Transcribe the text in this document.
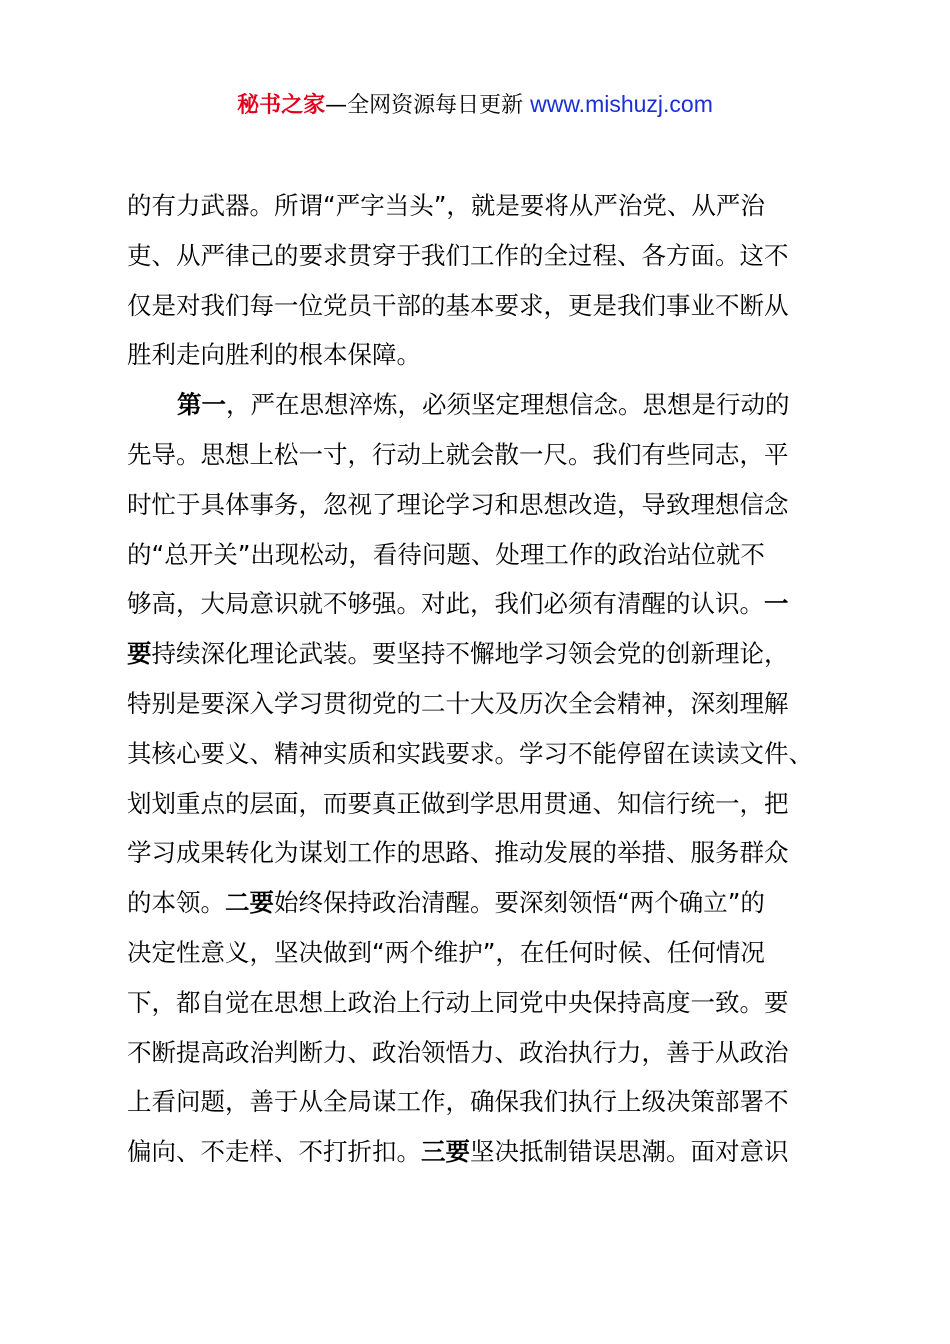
秘书之家—全网资源每日更新 www.mishuzj.com
的有力武器。所谓“严字当头”，就是要将从严治党、从严治
吏、从严律己的要求贯穿于我们工作的全过程、各方面。这不
仅是对我们每一位党员干部的基本要求，更是我们事业不断从
胜利走向胜利的根本保障。
第一，严在思想淬炼，必须坚定理想信念。思想是行动的
先导。思想上松一寸，行动上就会散一尺。我们有些同志，平
时忙于具体事务，忽视了理论学习和思想改造，导致理想信念
的“总开关”出现松动，看待问题、处理工作的政治站位就不
够高，大局意识就不够强。对此，我们必须有清醒的认识。一
要持续深化理论武装。要坚持不懈地学习领会党的创新理论，
特别是要深入学习贯彻党的二十大及历次全会精神，深刻理解
其核心要义、精神实质和实践要求。学习不能停留在读读文件、
划划重点的层面，而要真正做到学思用贯通、知信行统一，把
学习成果转化为谋划工作的思路、推动发展的举措、服务群众
的本领。二要始终保持政治清醒。要深刻领悟“两个确立”的
决定性意义，坚决做到“两个维护”，在任何时候、任何情况
下，都自觉在思想上政治上行动上同党中央保持高度一致。要
不断提高政治判断力、政治领悟力、政治执行力，善于从政治
上看问题，善于从全局谋工作，确保我们执行上级决策部署不
偏向、不走样、不打折扣。三要坚决抵制错误思潮。面对意识
